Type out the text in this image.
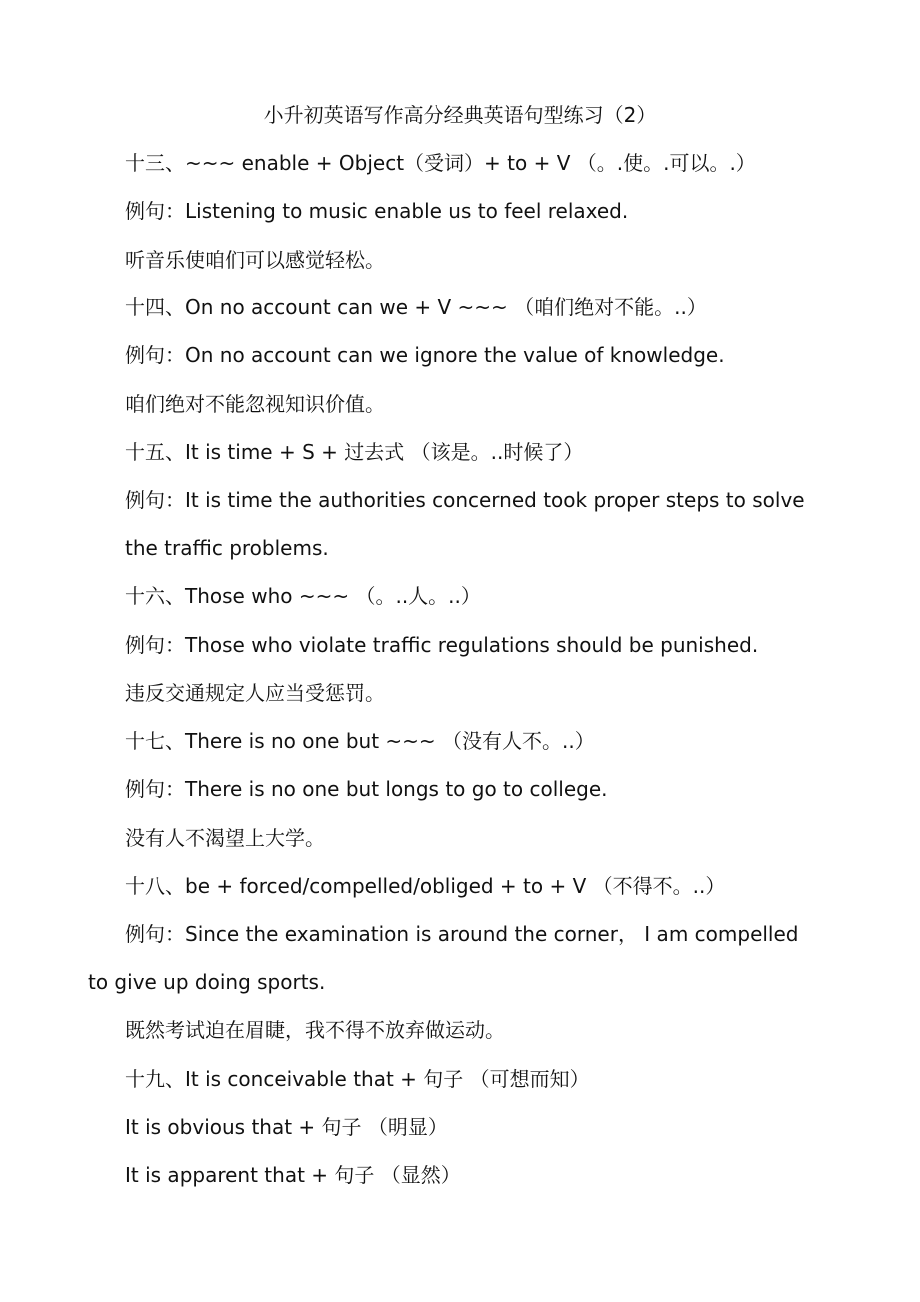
小升初英语写作高分经典英语句型练习（2）
十三、~~~ enable + Object（受词）+ to + V （。.使。.可以。.）
例句：Listening to music enable us to feel relaxed.
听音乐使咱们可以感觉轻松。
十四、On no account can we + V ~~~ （咱们绝对不能。..）
例句：On no account can we ignore the value of knowledge.
咱们绝对不能忽视知识价值。
十五、It is time + S + 过去式 （该是。..时候了）
例句：It is time the authorities concerned took proper steps to solve
the traffic problems.
十六、Those who ~~~ （。..人。..）
例句：Those who violate traffic regulations should be punished.
违反交通规定人应当受惩罚。
十七、There is no one but ~~~ （没有人不。..）
例句：There is no one but longs to go to college.
没有人不渴望上大学。
十八、be + forced/compelled/obliged + to + V （不得不。..）
例句：Since the examination is around the corner， I am compelled
to give up doing sports.
既然考试迫在眉睫，我不得不放弃做运动。
十九、It is conceivable that + 句子 （可想而知）
It is obvious that + 句子 （明显）
It is apparent that + 句子 （显然）
